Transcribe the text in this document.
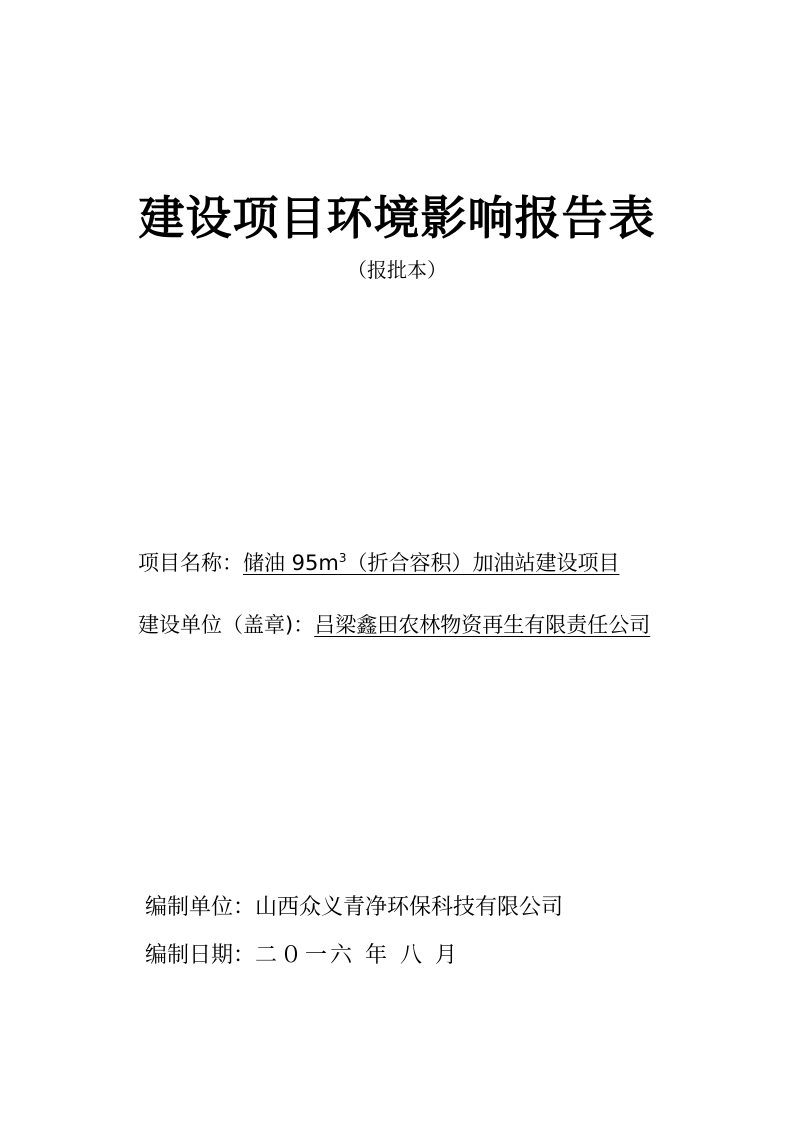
建设项目环境影响报告表
（报批本）
项目名称：储油 $95m^3$（折合容积）加油站建设项目
建设单位（盖章)：吕梁鑫田农林物资再生有限责任公司
编制单位：山西众义青净环保科技有限公司
编制日期：二０一六 年 八 月
